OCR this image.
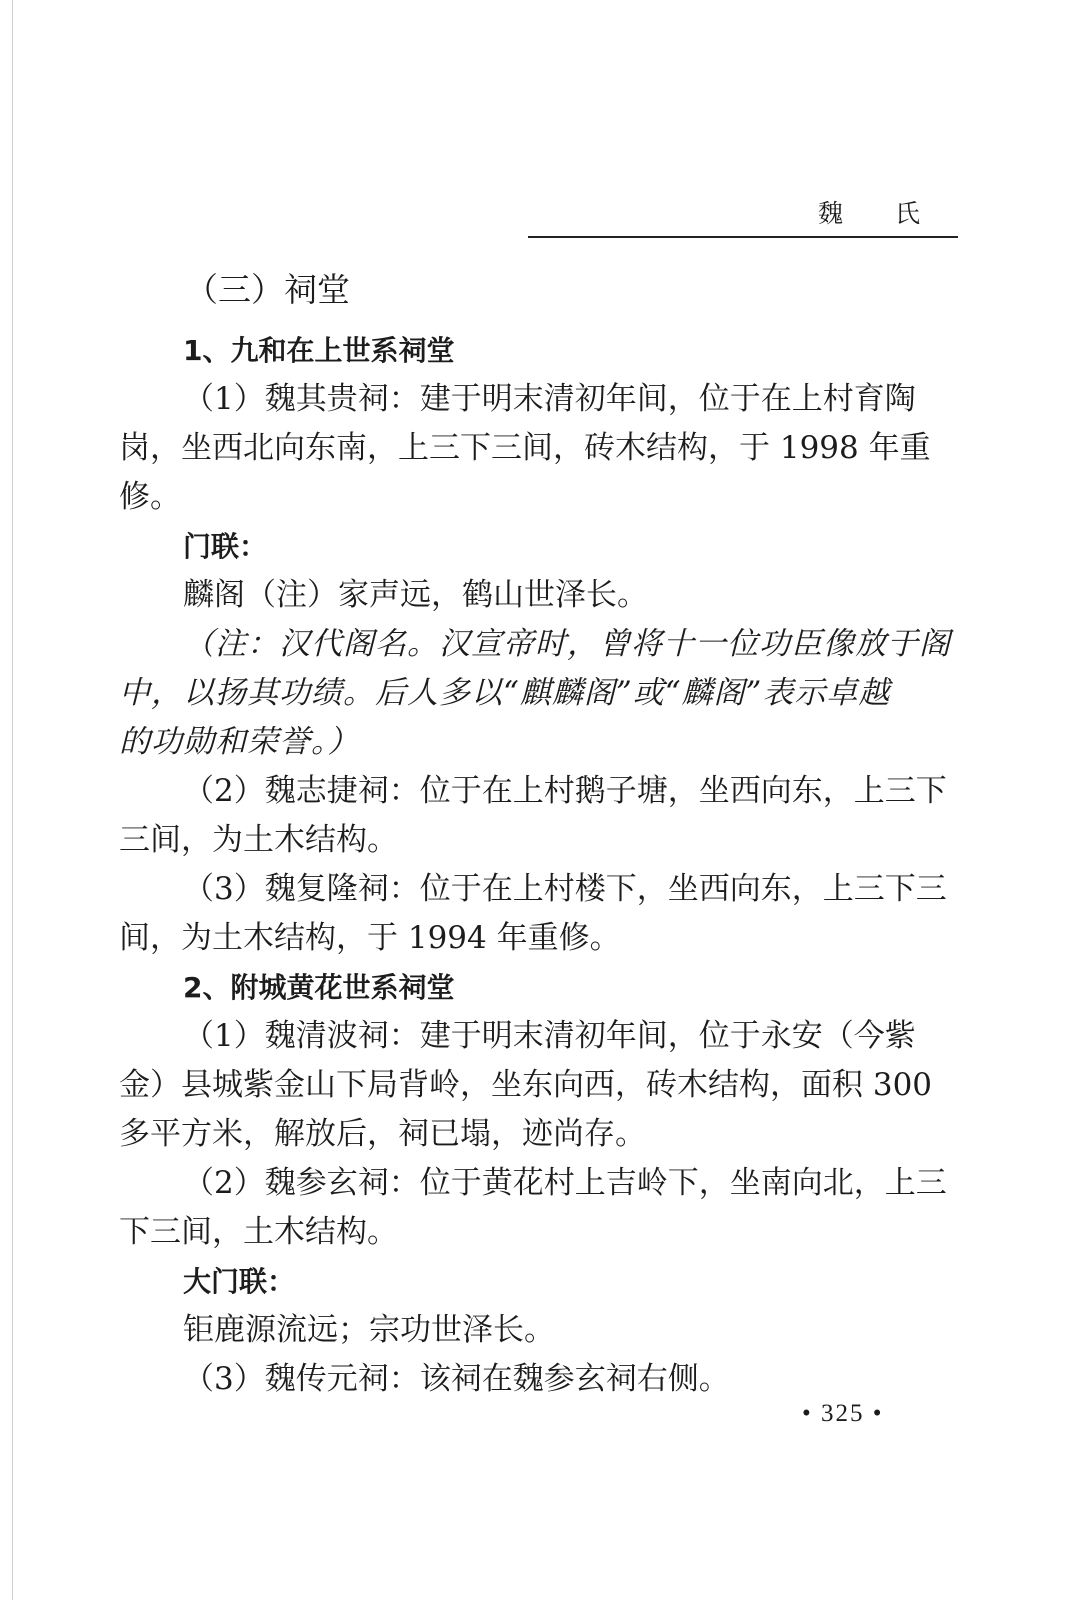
魏 氏
（三）祠堂
1、九和在上世系祠堂
（1）魏其贵祠：建于明末清初年间，位于在上村育陶
岗，坐西北向东南，上三下三间，砖木结构，于 1998 年重
修。
门联：
麟阁（注）家声远，鹤山世泽长。
（注：汉代阁名。汉宣帝时，曾将十一位功臣像放于阁
中，以扬其功绩。后人多以“麒麟阁”或“麟阁”表示卓越
的功勋和荣誉。）
（2）魏志捷祠：位于在上村鹅子塘，坐西向东，上三下
三间，为土木结构。
（3）魏复隆祠：位于在上村楼下，坐西向东，上三下三
间，为土木结构，于 1994 年重修。
2、附城黄花世系祠堂
（1）魏清波祠：建于明末清初年间，位于永安（今紫
金）县城紫金山下局背岭，坐东向西，砖木结构，面积 300
多平方米，解放后，祠已塌，迹尚存。
（2）魏参玄祠：位于黄花村上吉岭下，坐南向北，上三
下三间，土木结构。
大门联：
钜鹿源流远；宗功世泽长。
（3）魏传元祠：该祠在魏参玄祠右侧。
• 325 •
